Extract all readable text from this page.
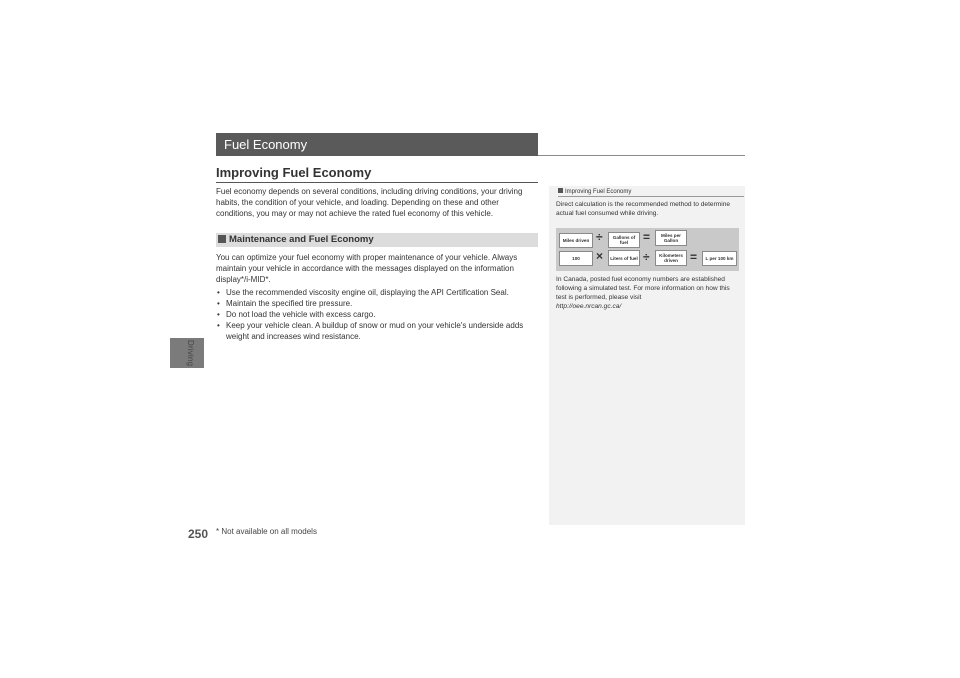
Driving
Fuel Economy
Improving Fuel Economy
Fuel economy depends on several conditions, including driving conditions, your driving habits, the condition of your vehicle, and loading. Depending on these and other conditions, you may or may not achieve the rated fuel economy of this vehicle.
Maintenance and Fuel Economy
You can optimize your fuel economy with proper maintenance of your vehicle. Always maintain your vehicle in accordance with the messages displayed on the information display*/i-MID*.
• Use the recommended viscosity engine oil, displaying the API Certification Seal.
• Maintain the specified tire pressure.
• Do not load the vehicle with excess cargo.
• Keep your vehicle clean. A buildup of snow or mud on your vehicle's underside adds weight and increases wind resistance.
Improving Fuel Economy
Direct calculation is the recommended method to determine actual fuel consumed while driving.
Miles driven ÷	Gallons of fuel	=	Miles per Gallon
100	×	Liters of fuel ÷	Kilometers driven	=	L per 100 km
In Canada, posted fuel economy numbers are established following a simulated test. For more information on how this test is performed, please visit
http://oee.nrcan.gc.ca/
250 * Not available on all models
